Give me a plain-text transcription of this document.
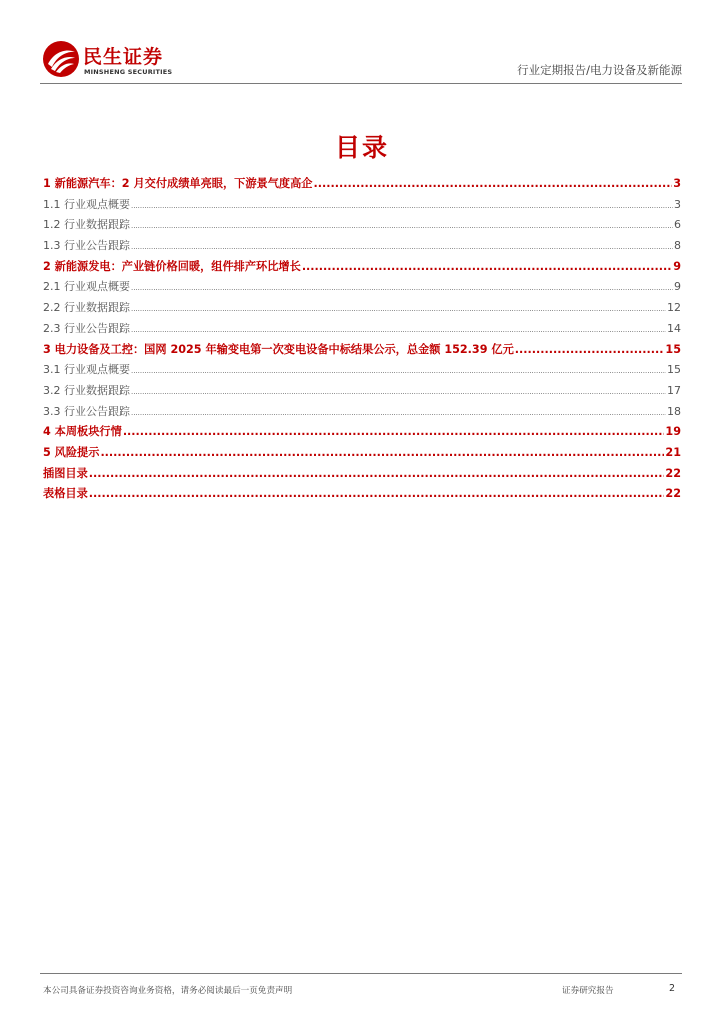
民生证券
MINSHENG SECURITIES	行业定期报告/电力设备及新能源
目录
1 新能源汽车：2 月交付成绩单亮眼，下游景气度高企 .....	3
1.1 行业观点概要 .....	3
1.2 行业数据跟踪 .....	6
1.3 行业公告跟踪 .....	8
2 新能源发电：产业链价格回暖，组件排产环比增长 .....	9
2.1 行业观点概要 .....	9
2.2 行业数据跟踪 .....	12
2.3 行业公告跟踪 .....	14
3 电力设备及工控：国网 2025 年输变电第一次变电设备中标结果公示，总金额 152.39 亿元 .....	15
3.1 行业观点概要 .....	15
3.2 行业数据跟踪 .....	17
3.3 行业公告跟踪 .....	18
4 本周板块行情 .....	19
5 风险提示 .....	21
插图目录 .....	22
表格目录 .....	22
本公司具备证券投资咨询业务资格，请务必阅读最后一页免责声明	证券研究报告	2
